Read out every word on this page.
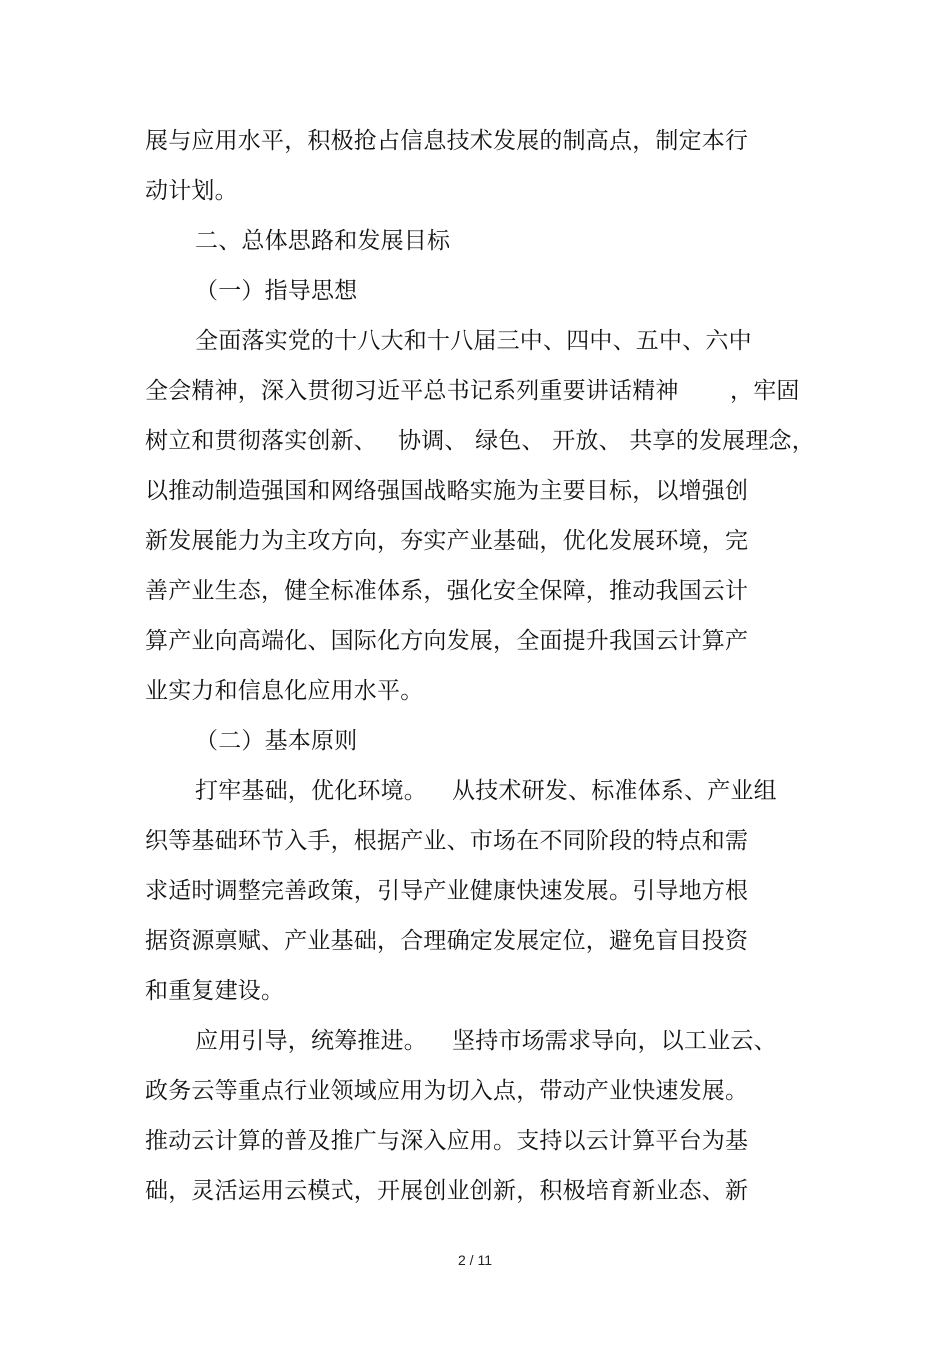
展与应用水平，积极抢占信息技术发展的制高点，制定本行
动计划。
二、总体思路和发展目标
（一）指导思想
全面落实党的十八大和十八届三中、四中、五中、六中
全会精神，深入贯彻习近平总书记系列重要讲话精神 ，牢固
树立和贯彻落实创新、 协调、 绿色、 开放、 共享的发展理念，
以推动制造强国和网络强国战略实施为主要目标，以增强创
新发展能力为主攻方向，夯实产业基础，优化发展环境，完
善产业生态，健全标准体系，强化安全保障，推动我国云计
算产业向高端化、国际化方向发展，全面提升我国云计算产
业实力和信息化应用水平。
（二）基本原则
打牢基础，优化环境。 从技术研发、标准体系、产业组
织等基础环节入手，根据产业、市场在不同阶段的特点和需
求适时调整完善政策，引导产业健康快速发展。引导地方根
据资源禀赋、产业基础，合理确定发展定位，避免盲目投资
和重复建设。
应用引导，统筹推进。 坚持市场需求导向，以工业云、
政务云等重点行业领域应用为切入点，带动产业快速发展。
推动云计算的普及推广与深入应用。支持以云计算平台为基
础，灵活运用云模式，开展创业创新，积极培育新业态、新
2 / 11
